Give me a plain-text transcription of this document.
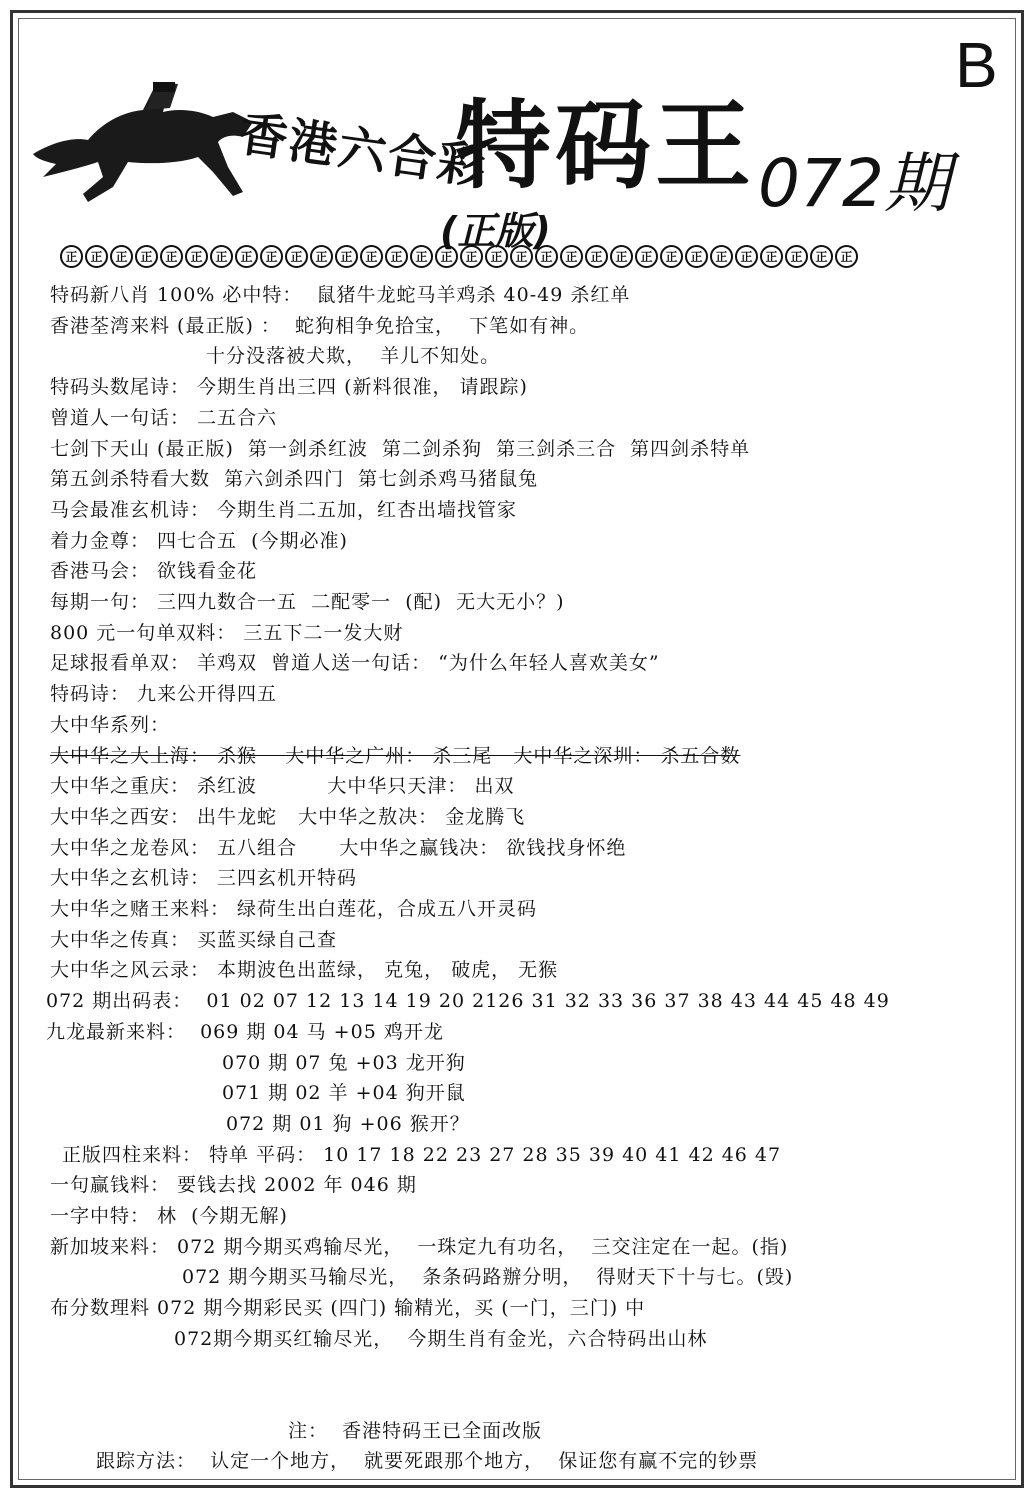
香港六合彩
特码王 072期
B
(正版)
正	正	正	正	正	正	正	正	正	正	正	正	正	正	正	正	正	正	正	正	正	正	正	正	正	正	正	正	正	正	正	正
特码新八肖 100% 必中特：  鼠猪牛龙蛇马羊鸡杀 40-49 杀红单
香港荃湾来料 (最正版) ：  蛇狗相争免拾宝，  下笔如有神。
十分没落被犬欺，  羊儿不知处。
特码头数尾诗： 今期生肖出三四 (新料很准， 请跟踪)
曾道人一句话： 二五合六
七剑下天山 (最正版)  第一剑杀红波  第二剑杀狗  第三剑杀三合  第四剑杀特单
第五剑杀特看大数  第六剑杀四门  第七剑杀鸡马猪鼠兔
马会最准玄机诗： 今期生肖二五加，红杏出墙找管家
着力金尊： 四七合五  (今期必准)
香港马会： 欲钱看金花
每期一句： 三四九数合一五  二配零一  (配)  无大无小？)
800 元一句单双料： 三五下二一发大财
足球报看单双： 羊鸡双  曾道人送一句话： “为什么年轻人喜欢美女”
特码诗： 九来公开得四五
大中华系列：
大中华之大上海： 杀猴    大中华之广州： 杀三尾   大中华之深圳： 杀五合数
大中华之重庆： 杀红波          大中华只天津： 出双
大中华之西安： 出牛龙蛇   大中华之敖决： 金龙腾飞
大中华之龙卷风： 五八组合      大中华之赢钱决： 欲钱找身怀绝
大中华之玄机诗： 三四玄机开特码
大中华之赌王来料： 绿荷生出白莲花，合成五八开灵码
大中华之传真： 买蓝买绿自己查
大中华之风云录： 本期波色出蓝绿， 克兔， 破虎， 无猴
072 期出码表：  01 02 07 12 13 14 19 20 2126 31 32 33 36 37 38 43 44 45 48 49
九龙最新来料：  069 期 04 马 +05 鸡开龙
070 期 07 兔 +03 龙开狗
071 期 02 羊 +04 狗开鼠
072 期 01 狗 +06 猴开？
正版四柱来料： 特单 平码： 10 17 18 22 23 27 28 35 39 40 41 42 46 47
一句赢钱料： 要钱去找 2002 年 046 期
一字中特： 林  (今期无解)
新加坡来料： 072 期今期买鸡输尽光，  一珠定九有功名，  三交注定在一起。(指)
072 期今期买马输尽光，  条条码路辦分明，  得财天下十与七。(毁)
布分数理料 072 期今期彩民买 (四门) 输精光，买 (一门，三门) 中
072期今期买红输尽光，  今期生肖有金光，六合特码出山林
注：  香港特码王已全面改版
跟踪方法：  认定一个地方，  就要死跟那个地方，  保证您有赢不完的钞票
